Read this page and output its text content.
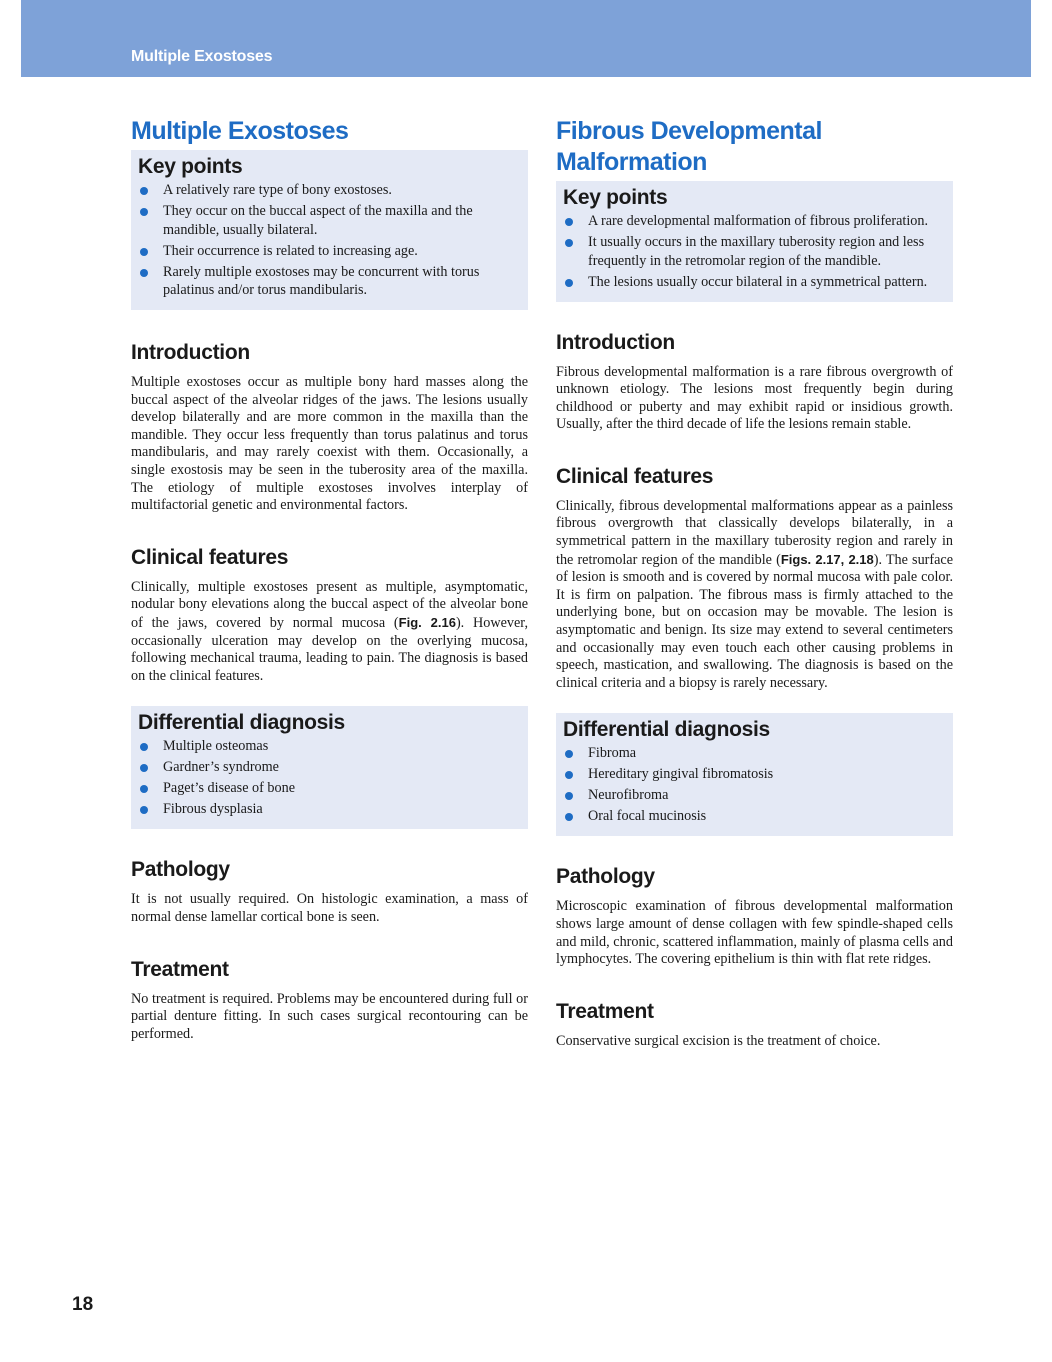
Multiple Exostoses
Multiple Exostoses
Key points
A relatively rare type of bony exostoses.
They occur on the buccal aspect of the maxilla and the mandible, usually bilateral.
Their occurrence is related to increasing age.
Rarely multiple exostoses may be concurrent with torus palatinus and/or torus mandibularis.
Introduction

Multiple exostoses occur as multiple bony hard masses along the buccal aspect of the alveolar ridges of the jaws. The lesions usually develop bilaterally and are more common in the maxilla than the mandible. They occur less frequently than torus palatinus and torus mandibularis, and may rarely coexist with them. Occasionally, a single exostosis may be seen in the tuberosity area of the maxilla. The etiology of multiple exostoses involves interplay of multifactorial genetic and environmental factors.

Clinical features

Clinically, multiple exostoses present as multiple, asymptomatic, nodular bony elevations along the buccal aspect of the alveolar bone of the jaws, covered by normal mucosa (Fig. 2.16). However, occasionally ulceration may develop on the overlying mucosa, following mechanical trauma, leading to pain. The diagnosis is based on the clinical features.

Differential diagnosis
Multiple osteomas
Gardner’s syndrome
Paget’s disease of bone
Fibrous dysplasia
Pathology

It is not usually required. On histologic examination, a mass of normal dense lamellar cortical bone is seen.

Treatment

No treatment is required. Problems may be encountered during full or partial denture fitting. In such cases surgical recontouring can be performed.

Fibrous Developmental Malformation
Key points
A rare developmental malformation of fibrous proliferation.
It usually occurs in the maxillary tuberosity region and less frequently in the retromolar region of the mandible.
The lesions usually occur bilateral in a symmetrical pattern.
Introduction

Fibrous developmental malformation is a rare fibrous overgrowth of unknown etiology. The lesions most frequently begin during childhood or puberty and may exhibit rapid or insidious growth. Usually, after the third decade of life the lesions remain stable.

Clinical features

Clinically, fibrous developmental malformations appear as a painless fibrous overgrowth that classically develops bilaterally, in a symmetrical pattern in the maxillary tuberosity region and rarely in the retromolar region of the mandible (Figs. 2.17, 2.18). The surface of lesion is smooth and is covered by normal mucosa with pale color. It is firm on palpation. The fibrous mass is firmly attached to the underlying bone, but on occasion may be movable. The lesion is asymptomatic and benign. Its size may extend to several centimeters and occasionally may even touch each other causing problems in speech, mastication, and swallowing. The diagnosis is based on the clinical criteria and a biopsy is rarely necessary.

Differential diagnosis
Fibroma
Hereditary gingival fibromatosis
Neurofibroma
Oral focal mucinosis
Pathology

Microscopic examination of fibrous developmental malformation shows large amount of dense collagen with few spindle-shaped cells and mild, chronic, scattered inflammation, mainly of plasma cells and lymphocytes. The covering epithelium is thin with flat rete ridges.

Treatment

Conservative surgical excision is the treatment of choice.

18
